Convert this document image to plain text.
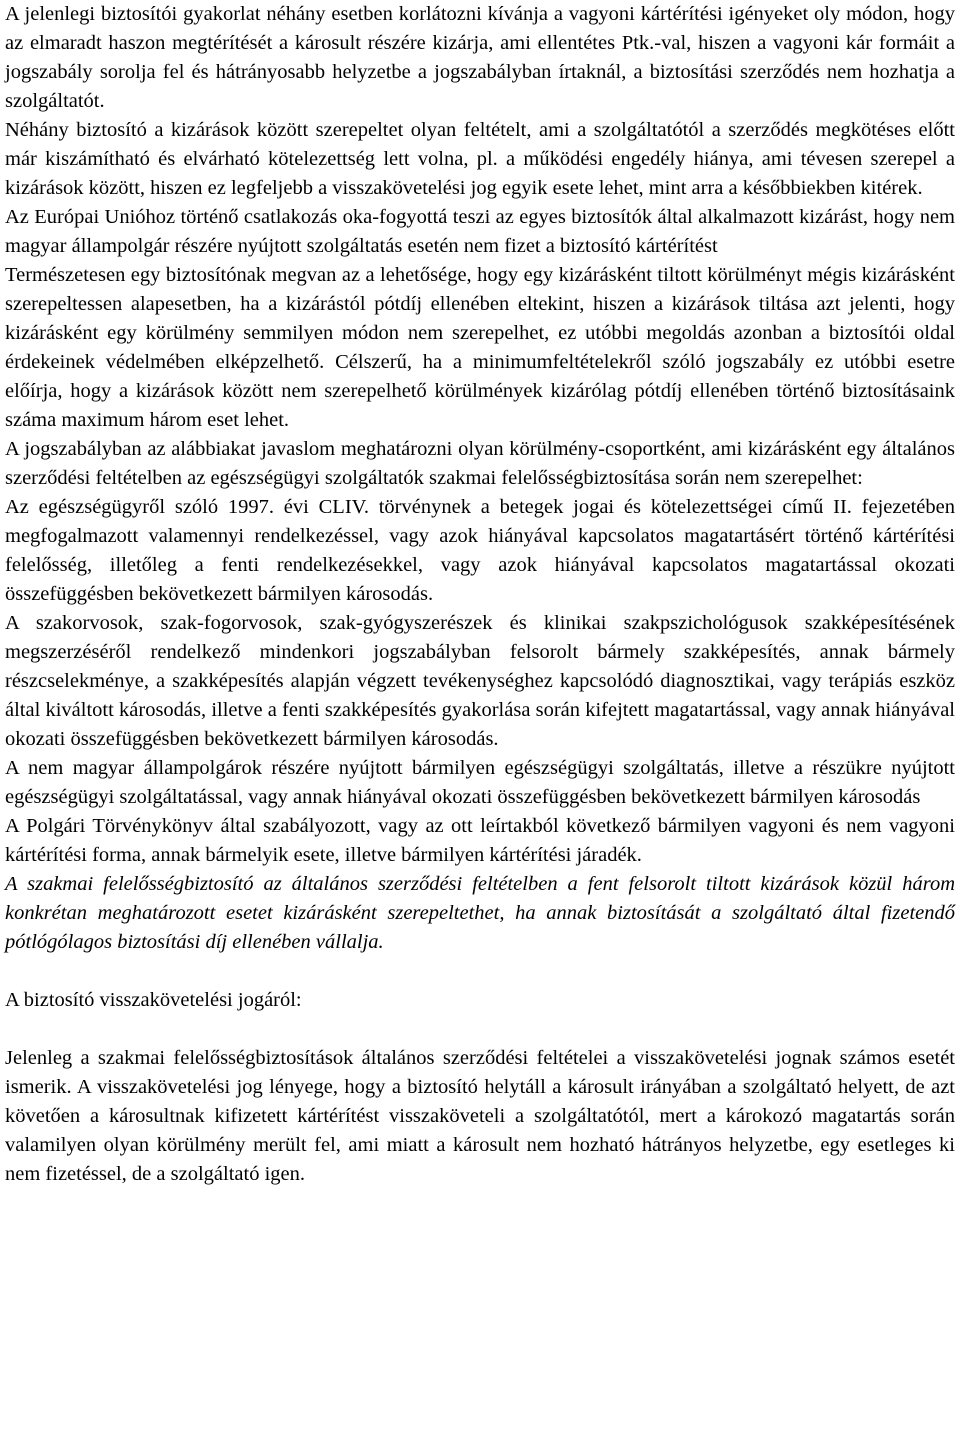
A jelenlegi biztosítói gyakorlat néhány esetben korlátozni kívánja a vagyoni kártérítési igényeket oly módon, hogy az elmaradt haszon megtérítését a károsult részére kizárja, ami ellentétes Ptk.-val, hiszen a vagyoni kár formáit a jogszabály sorolja fel és hátrányosabb helyzetbe a jogszabályban írtaknál, a biztosítási szerződés nem hozhatja a szolgáltatót.

Néhány biztosító a kizárások között szerepeltet olyan feltételt, ami a szolgáltatótól a szerződés megkötéses előtt már kiszámítható és elvárható kötelezettség lett volna, pl. a működési engedély hiánya, ami tévesen szerepel a kizárások között, hiszen ez legfeljebb a visszakövetelési jog egyik esete lehet, mint arra a későbbiekben kitérek.

Az Európai Unióhoz történő csatlakozás oka-fogyottá teszi az egyes biztosítók által alkalmazott kizárást, hogy nem magyar állampolgár részére nyújtott szolgáltatás esetén nem fizet a biztosító kártérítést

Természetesen egy biztosítónak megvan az a lehetősége, hogy egy kizárásként tiltott körülményt mégis kizárásként szerepeltessen alapesetben, ha a kizárástól pótdíj ellenében eltekint, hiszen a kizárások tiltása azt jelenti, hogy kizárásként egy körülmény semmilyen módon nem szerepelhet, ez utóbbi megoldás azonban a biztosítói oldal érdekeinek védelmében elképzelhető. Célszerű, ha a minimumfeltételekről szóló jogszabály ez utóbbi esetre előírja, hogy a kizárások között nem szerepelhető körülmények kizárólag pótdíj ellenében történő biztosításaink száma maximum három eset lehet.

A jogszabályban az alábbiakat javaslom meghatározni olyan körülmény-csoportként, ami kizárásként egy általános szerződési feltételben az egészségügyi szolgáltatók szakmai felelősségbiztosítása során nem szerepelhet:

Az egészségügyről szóló 1997. évi CLIV. törvénynek a betegek jogai és kötelezettségei című II. fejezetében megfogalmazott valamennyi rendelkezéssel, vagy azok hiányával kapcsolatos magatartásért történő kártérítési felelősség, illetőleg a fenti rendelkezésekkel, vagy azok hiányával kapcsolatos magatartással okozati összefüggésben bekövetkezett bármilyen károsodás.

A szakorvosok, szak-fogorvosok, szak-gyógyszerészek és klinikai szakpszichológusok szakképesítésének megszerzéséről rendelkező mindenkori jogszabályban felsorolt bármely szakképesítés, annak bármely részcselekménye, a szakképesítés alapján végzett tevékenységhez kapcsolódó diagnosztikai, vagy terápiás eszköz által kiváltott károsodás, illetve a fenti szakképesítés gyakorlása során kifejtett magatartással, vagy annak hiányával okozati összefüggésben bekövetkezett bármilyen károsodás.

A nem magyar állampolgárok részére nyújtott bármilyen egészségügyi szolgáltatás, illetve a részükre nyújtott egészségügyi szolgáltatással, vagy annak hiányával okozati összefüggésben bekövetkezett bármilyen károsodás

A Polgári Törvénykönyv által szabályozott, vagy az ott leírtakból következő bármilyen vagyoni és nem vagyoni kártérítési forma, annak bármelyik esete, illetve bármilyen kártérítési járadék.

A szakmai felelősségbiztosító az általános szerződési feltételben a fent felsorolt tiltott kizárások közül három konkrétan meghatározott esetet kizárásként szerepeltethet, ha annak biztosítását a szolgáltató által fizetendő pótlógólagos biztosítási díj ellenében vállalja.

A biztosító visszakövetelési jogáról:

Jelenleg a szakmai felelősségbiztosítások általános szerződési feltételei a visszakövetelési jognak számos esetét ismerik. A visszakövetelési jog lényege, hogy a biztosító helytáll a károsult irányában a szolgáltató helyett, de azt követően a károsultnak kifizetett kártérítést visszaköveteli a szolgáltatótól, mert a károkozó magatartás során valamilyen olyan körülmény merült fel, ami miatt a károsult nem hozható hátrányos helyzetbe, egy esetleges ki nem fizetéssel, de a szolgáltató igen.
